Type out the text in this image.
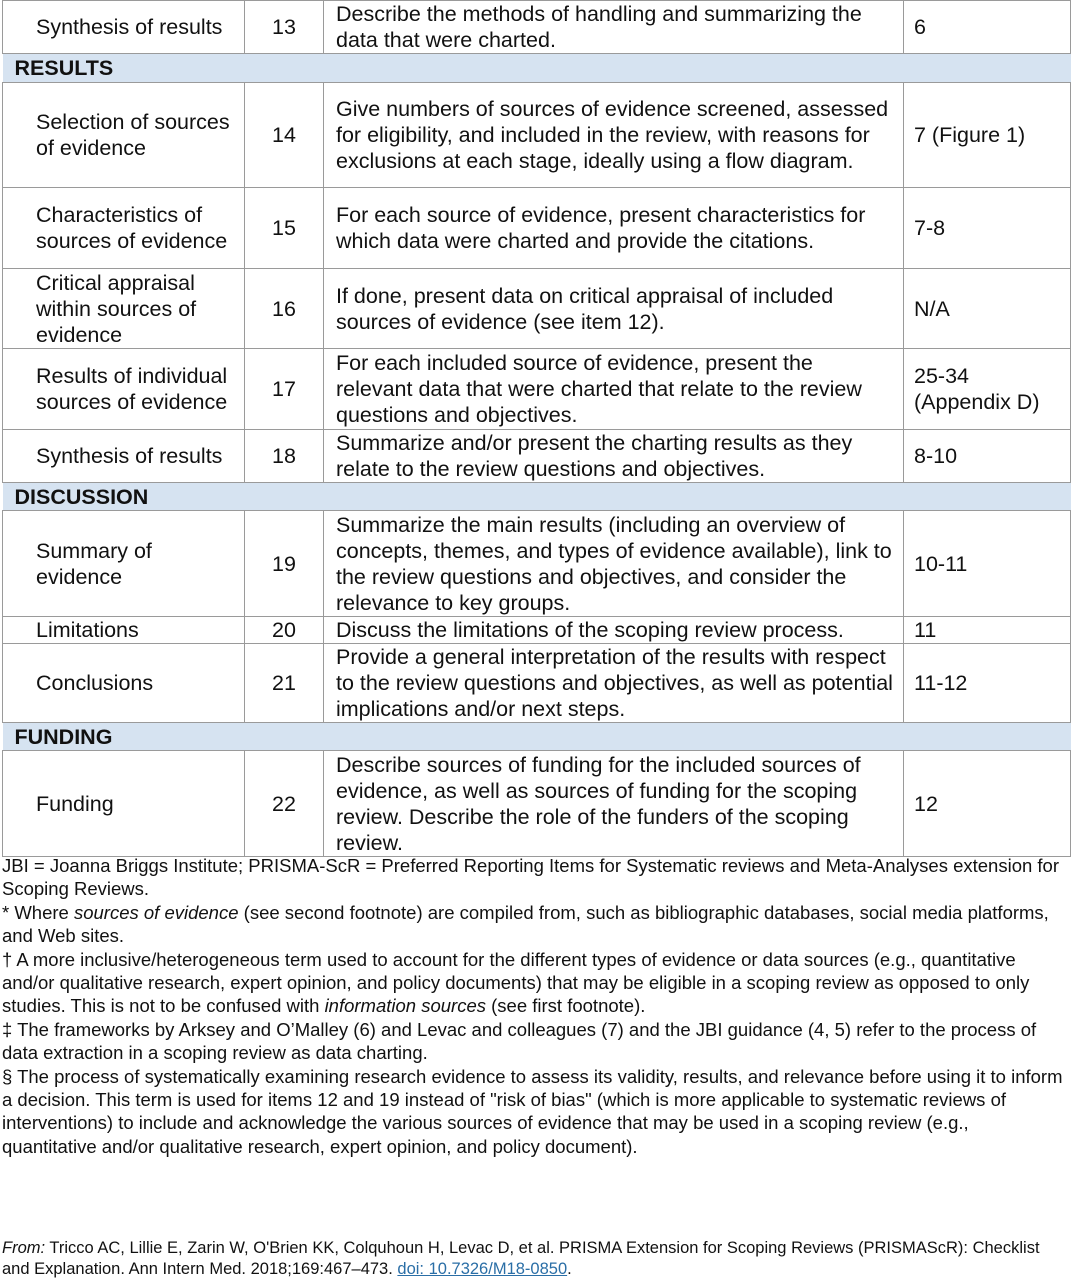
Synthesis of results	13	Describe the methods of handling and summarizing the data that were charted.	6
RESULTS			
Selection of sources of evidence	14	Give numbers of sources of evidence screened, assessed for eligibility, and included in the review, with reasons for exclusions at each stage, ideally using a flow diagram.	7 (Figure 1)
Characteristics of sources of evidence	15	For each source of evidence, present characteristics for which data were charted and provide the citations.	7-8
Critical appraisal within sources of evidence	16	If done, present data on critical appraisal of included sources of evidence (see item 12).	N/A
Results of individual sources of evidence	17	For each included source of evidence, present the relevant data that were charted that relate to the review questions and objectives.	25-34 (Appendix D)
Synthesis of results	18	Summarize and/or present the charting results as they relate to the review questions and objectives.	8-10
DISCUSSION			
Summary of evidence	19	Summarize the main results (including an overview of concepts, themes, and types of evidence available), link to the review questions and objectives, and consider the relevance to key groups.	10-11
Limitations	20	Discuss the limitations of the scoping review process.	11
Conclusions	21	Provide a general interpretation of the results with respect to the review questions and objectives, as well as potential implications and/or next steps.	11-12
FUNDING			
Funding	22	Describe sources of funding for the included sources of evidence, as well as sources of funding for the scoping review. Describe the role of the funders of the scoping review.	12

JBI = Joanna Briggs Institute; PRISMA-ScR = Preferred Reporting Items for Systematic reviews and Meta-Analyses extension for Scoping Reviews.

* Where sources of evidence (see second footnote) are compiled from, such as bibliographic databases, social media platforms, and Web sites.

† A more inclusive/heterogeneous term used to account for the different types of evidence or data sources (e.g., quantitative and/or qualitative research, expert opinion, and policy documents) that may be eligible in a scoping review as opposed to only studies. This is not to be confused with information sources (see first footnote).

‡ The frameworks by Arksey and O’Malley (6) and Levac and colleagues (7) and the JBI guidance (4, 5) refer to the process of data extraction in a scoping review as data charting.

§ The process of systematically examining research evidence to assess its validity, results, and relevance before using it to inform a decision. This term is used for items 12 and 19 instead of "risk of bias" (which is more applicable to systematic reviews of interventions) to include and acknowledge the various sources of evidence that may be used in a scoping review (e.g., quantitative and/or qualitative research, expert opinion, and policy document).

From: Tricco AC, Lillie E, Zarin W, O'Brien KK, Colquhoun H, Levac D, et al. PRISMA Extension for Scoping Reviews (PRISMAScR): Checklist and Explanation. Ann Intern Med. 2018;169:467–473. doi: 10.7326/M18-0850.
